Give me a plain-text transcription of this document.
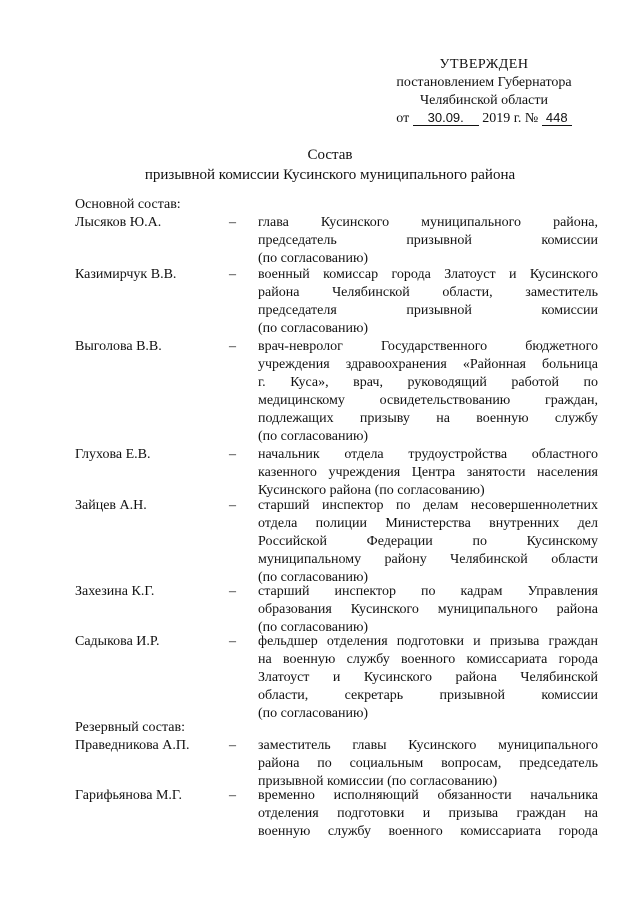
УТВЕРЖДЕН
постановлением Губернатора
Челябинской области
от 30.09. 2019 г. № 448
Состав
призывной комиссии Кусинского муниципального района
Основной состав:
Лысяков Ю.А.	– глава Кусинского муниципального района,
председатель призывной комиссии
(по согласованию)
Казимирчук В.В.	– военный комиссар города Златоуст и Кусинского
района Челябинской области, заместитель
председателя призывной комиссии
(по согласованию)
Выголова В.В.	– врач-невролог Государственного бюджетного
учреждения здравоохранения «Районная больница
г. Куса», врач, руководящий работой по
медицинскому освидетельствованию граждан,
подлежащих призыву на военную службу
(по согласованию)
Глухова Е.В.	– начальник отдела трудоустройства областного
казенного учреждения Центра занятости населения
Кусинского района (по согласованию)
Зайцев А.Н.	– старший инспектор по делам несовершеннолетних
отдела полиции Министерства внутренних дел
Российской Федерации по Кусинскому
муниципальному району Челябинской области
(по согласованию)
Захезина К.Г.	– старший инспектор по кадрам Управления
образования Кусинского муниципального района
(по согласованию)
Садыкова И.Р.	– фельдшер отделения подготовки и призыва граждан
на военную службу военного комиссариата города
Златоуст и Кусинского района Челябинской
области, секретарь призывной комиссии
(по согласованию)
Резервный состав:
Праведникова А.П.	– заместитель главы Кусинского муниципального
района по социальным вопросам, председатель
призывной комиссии (по согласованию)
Гарифьянова М.Г.	– временно исполняющий обязанности начальника
отделения подготовки и призыва граждан на
военную службу военного комиссариата города
